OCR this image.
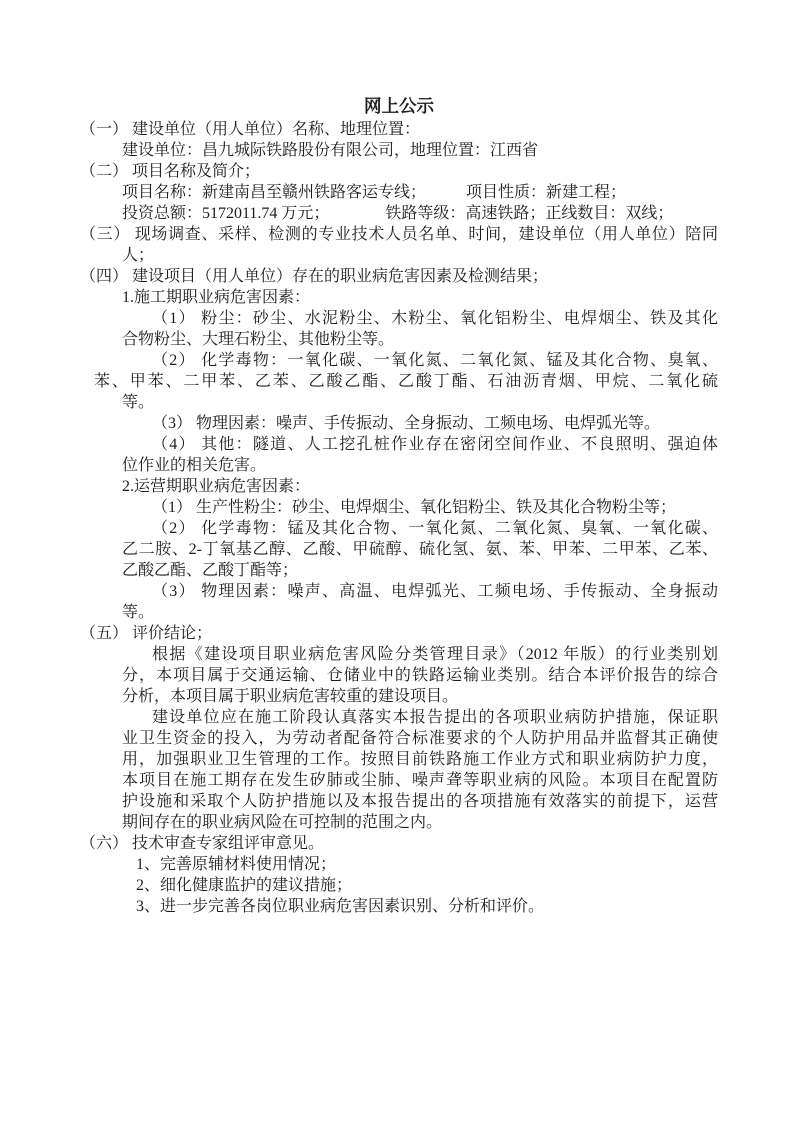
网上公示
（一） 建设单位（用人单位）名称、地理位置：
建设单位：昌九城际铁路股份有限公司，地理位置：江西省
（二） 项目名称及简介；
项目名称：新建南昌至赣州铁路客运专线；　　　项目性质：新建工程；
投资总额：5172011.74 万元；　　　　铁路等级：高速铁路；正线数目：双线；
（三） 现场调查、采样、检测的专业技术人员名单、时间，建设单位（用人单位）陪同
人；
（四） 建设项目（用人单位）存在的职业病危害因素及检测结果；
1.施工期职业病危害因素：
（1） 粉尘：砂尘、水泥粉尘、木粉尘、氧化铝粉尘、电焊烟尘、铁及其化
合物粉尘、大理石粉尘、其他粉尘等。
（2） 化学毒物：一氧化碳、一氧化氮、二氧化氮、锰及其化合物、臭氧、
苯、甲苯、二甲苯、乙苯、乙酸乙酯、乙酸丁酯、石油沥青烟、甲烷、二氧化硫
等。
（3） 物理因素：噪声、手传振动、全身振动、工频电场、电焊弧光等。
（4） 其他：隧道、人工挖孔桩作业存在密闭空间作业、不良照明、强迫体
位作业的相关危害。
2.运营期职业病危害因素：
（1） 生产性粉尘：砂尘、电焊烟尘、氧化铝粉尘、铁及其化合物粉尘等；
（2） 化学毒物：锰及其化合物、一氧化氮、二氧化氮、臭氧、一氧化碳、
乙二胺、2-丁氧基乙醇、乙酸、甲硫醇、硫化氢、氨、苯、甲苯、二甲苯、乙苯、
乙酸乙酯、乙酸丁酯等；
（3） 物理因素：噪声、高温、电焊弧光、工频电场、手传振动、全身振动
等。
（五） 评价结论；
根据《建设项目职业病危害风险分类管理目录》（2012 年版）的行业类别划
分，本项目属于交通运输、仓储业中的铁路运输业类别。结合本评价报告的综合
分析，本项目属于职业病危害较重的建设项目。
建设单位应在施工阶段认真落实本报告提出的各项职业病防护措施，保证职
业卫生资金的投入，为劳动者配备符合标准要求的个人防护用品并监督其正确使
用，加强职业卫生管理的工作。按照目前铁路施工作业方式和职业病防护力度，
本项目在施工期存在发生矽肺或尘肺、噪声聋等职业病的风险。本项目在配置防
护设施和采取个人防护措施以及本报告提出的各项措施有效落实的前提下，运营
期间存在的职业病风险在可控制的范围之内。
（六） 技术审查专家组评审意见。
1、完善原辅材料使用情况；
2、细化健康监护的建议措施；
3、进一步完善各岗位职业病危害因素识别、分析和评价。
